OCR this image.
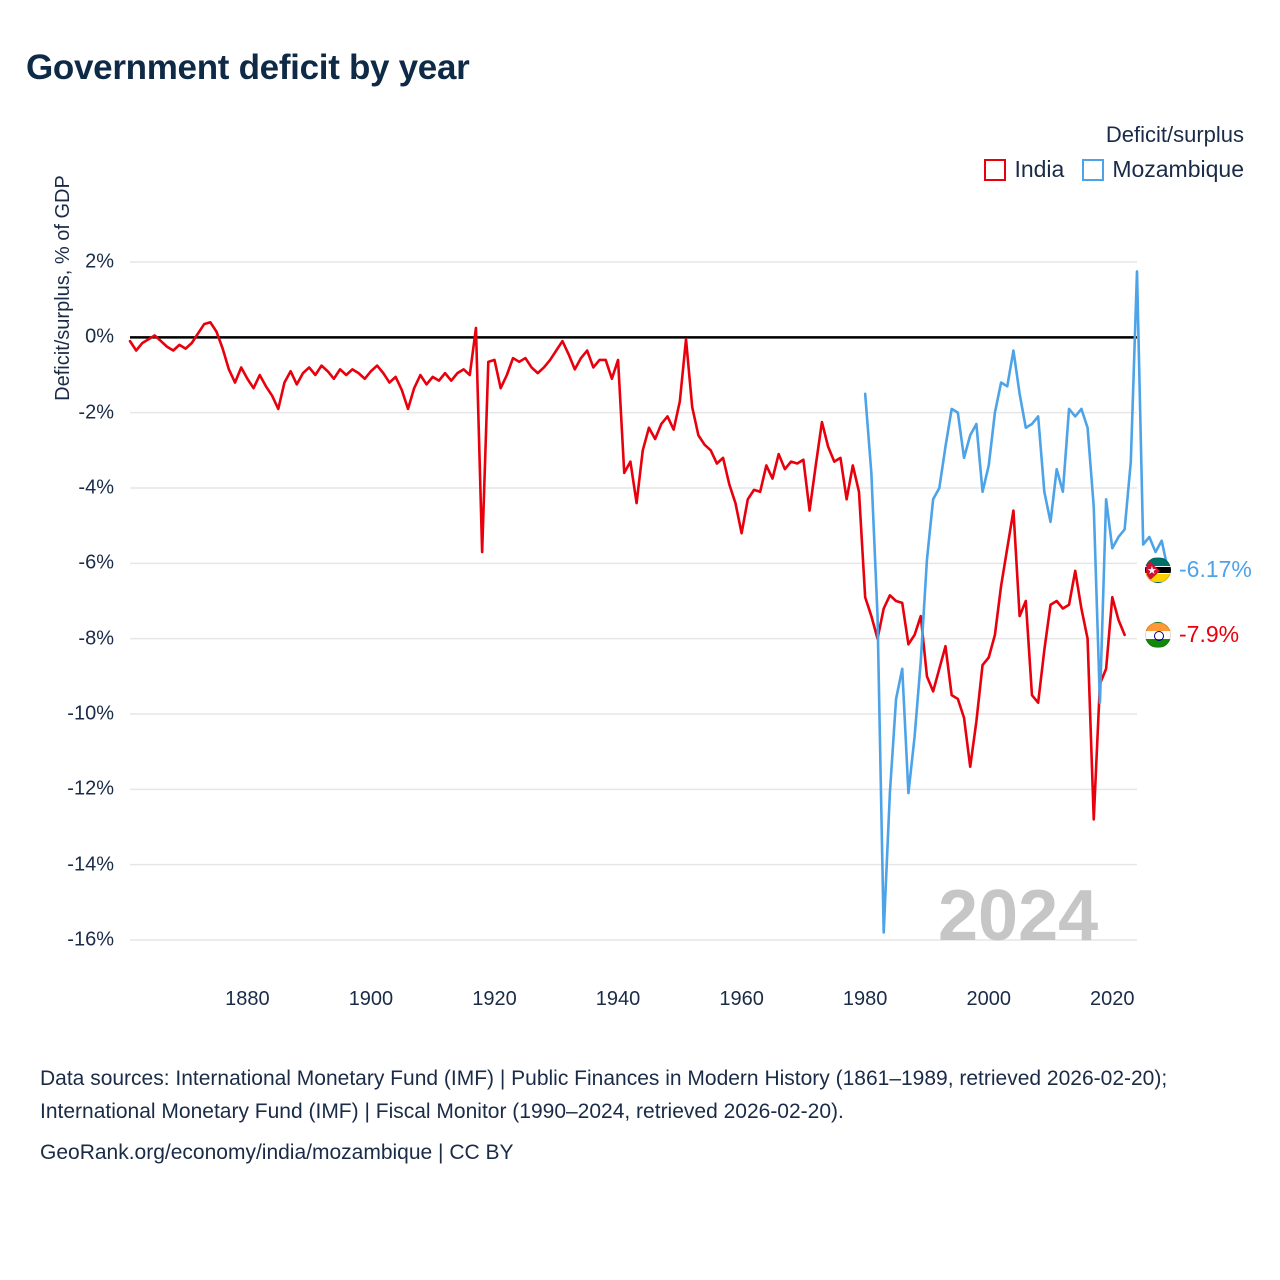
Government deficit by year
Deficit/surplus
India Mozambique
Deficit/surplus, % of GDP 2%
0%
-2%
-4%
-6%
-8%
-10%
-12%
-14%
-16%
1880	1900	1920	1940	1960	1980	2000	2020
2024
★
-6.17%
-7.9%
Data sources: International Monetary Fund (IMF) | Public Finances in Modern History (1861–1989, retrieved 2026-02-20); International Monetary Fund (IMF) | Fiscal Monitor (1990–2024, retrieved 2026-02-20).
GeoRank.org/economy/india/mozambique | CC BY
